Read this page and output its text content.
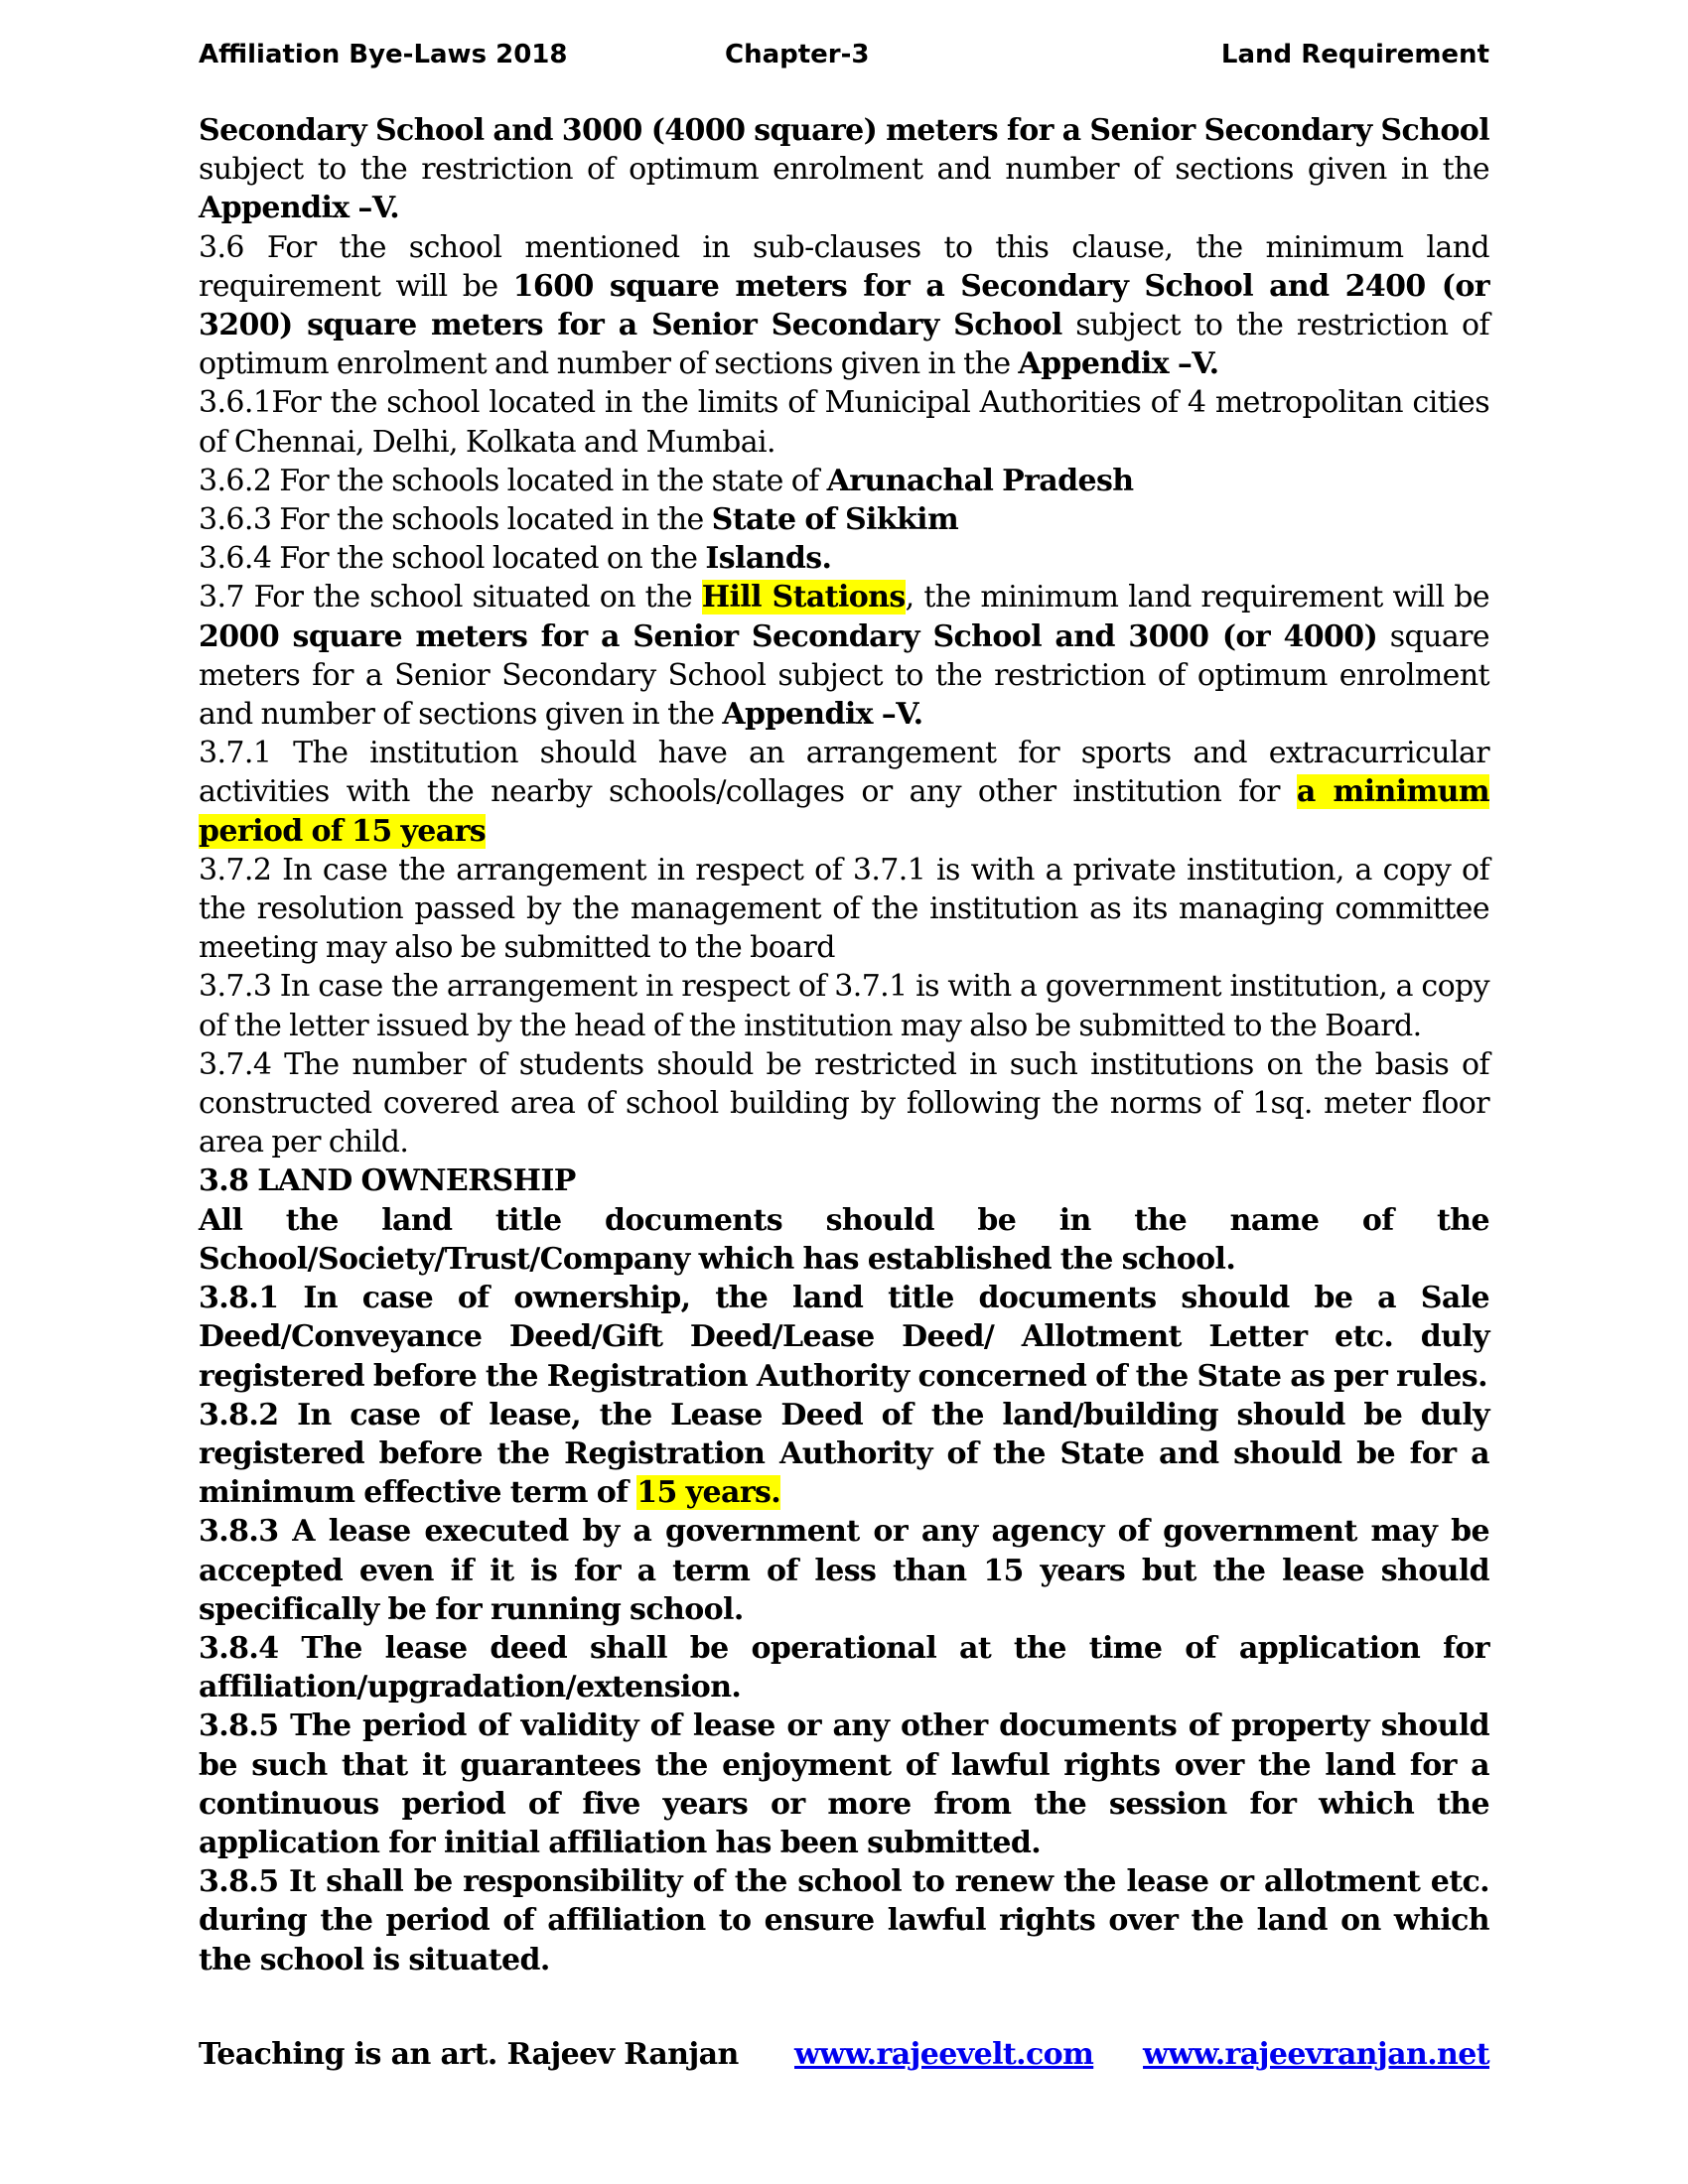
Affiliation Bye-Laws 2018	Chapter-3	Land Requirement

Secondary School and 3000 (4000 square) meters for a Senior Secondary School subject to the restriction of optimum enrolment and number of sections given in the Appendix –V.

3.6 For the school mentioned in sub-clauses to this clause, the minimum land requirement will be 1600 square meters for a Secondary School and 2400 (or 3200) square meters for a Senior Secondary School subject to the restriction of optimum enrolment and number of sections given in the Appendix –V.

3.6.1For the school located in the limits of Municipal Authorities of 4 metropolitan cities of Chennai, Delhi, Kolkata and Mumbai.

3.6.2 For the schools located in the state of Arunachal Pradesh

3.6.3 For the schools located in the State of Sikkim

3.6.4 For the school located on the Islands.

3.7 For the school situated on the Hill Stations, the minimum land requirement will be 2000 square meters for a Senior Secondary School and 3000 (or 4000) square meters for a Senior Secondary School subject to the restriction of optimum enrolment and number of sections given in the Appendix –V.

3.7.1 The institution should have an arrangement for sports and extracurricular activities with the nearby schools/collages or any other institution for a minimum period of 15 years

3.7.2 In case the arrangement in respect of 3.7.1 is with a private institution, a copy of the resolution passed by the management of the institution as its managing committee meeting may also be submitted to the board

3.7.3 In case the arrangement in respect of 3.7.1 is with a government institution, a copy of the letter issued by the head of the institution may also be submitted to the Board.

3.7.4 The number of students should be restricted in such institutions on the basis of constructed covered area of school building by following the norms of 1sq. meter floor area per child.

3.8 LAND OWNERSHIP

All the land title documents should be in the name of the School/Society/Trust/Company which has established the school.

3.8.1 In case of ownership, the land title documents should be a Sale Deed/Conveyance Deed/Gift Deed/Lease Deed/ Allotment Letter etc. duly registered before the Registration Authority concerned of the State as per rules.

3.8.2 In case of lease, the Lease Deed of the land/building should be duly registered before the Registration Authority of the State and should be for a minimum effective term of 15 years.

3.8.3 A lease executed by a government or any agency of government may be accepted even if it is for a term of less than 15 years but the lease should specifically be for running school.

3.8.4 The lease deed shall be operational at the time of application for affiliation/upgradation/extension.

3.8.5 The period of validity of lease or any other documents of property should be such that it guarantees the enjoyment of lawful rights over the land for a continuous period of five years or more from the session for which the application for initial affiliation has been submitted.

3.8.5 It shall be responsibility of the school to renew the lease or allotment etc. during the period of affiliation to ensure lawful rights over the land on which the school is situated.

Teaching is an art. Rajeev Ranjan www.rajeevelt.com www.rajeevranjan.net
